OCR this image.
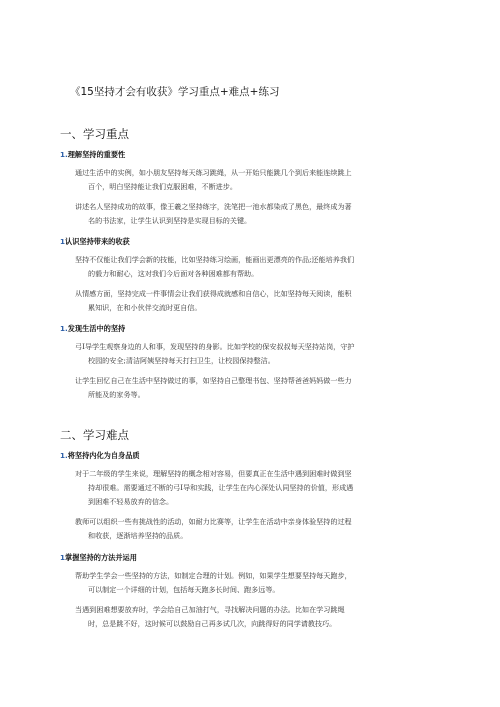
《15坚持才会有收获》学习重点+难点+练习
一、学习重点
1.理解坚持的重要性
通过生活中的实例，如小朋友坚持每天练习跳绳，从一开始只能跳几个到后来能连续跳上
百个，明白坚持能让我们克服困难，不断进步。
讲述名人坚持成功的故事，像王羲之坚持练字，洗笔把一池水都染成了黑色，最终成为著
名的书法家，让学生认识到坚持是实现目标的关键。
1认识坚持带来的收获
坚持不仅能让我们学会新的技能，比如坚持练习绘画，能画出更漂亮的作品;还能培养我们
的毅力和耐心，这对我们今后面对各种困难都有帮助。
从情感方面，坚持完成一件事情会让我们获得成就感和自信心，比如坚持每天阅读，能积
累知识，在和小伙伴交流时更自信。
1.发现生活中的坚持
弓I导学生观察身边的人和事，发现坚持的身影。比如学校的保安叔叔每天坚持站岗，守护
校园的安全;清洁阿姨坚持每天打扫卫生，让校园保持整洁。
让学生回忆自己在生活中坚持做过的事，如坚持自己整理书包、坚持帮爸爸妈妈做一些力
所能及的家务等。
二、学习难点
1.将坚持内化为自身品质
对于二年级的学生来说，理解坚持的概念相对容易，但要真正在生活中遇到困难时做到坚
持却很难。需要通过不断的弓I导和实践，让学生在内心深处认同坚持的价值，形成遇
到困难不轻易放弃的信念。
教师可以组织一些有挑战性的活动，如耐力比赛等，让学生在活动中亲身体验坚持的过程
和收获，逐渐培养坚持的品质。
1掌握坚持的方法并运用
帮助学生学会一些坚持的方法，如制定合理的计划。例如，如果学生想要坚持每天跑步，
可以制定一个详细的计划，包括每天跑多长时间、跑多远等。
当遇到困难想要放弃时，学会给自己加油打气，寻找解决问题的办法。比如在学习跳绳
时，总是跳不好，这时候可以鼓励自己再多试几次，向跳得好的同学请教技巧。
